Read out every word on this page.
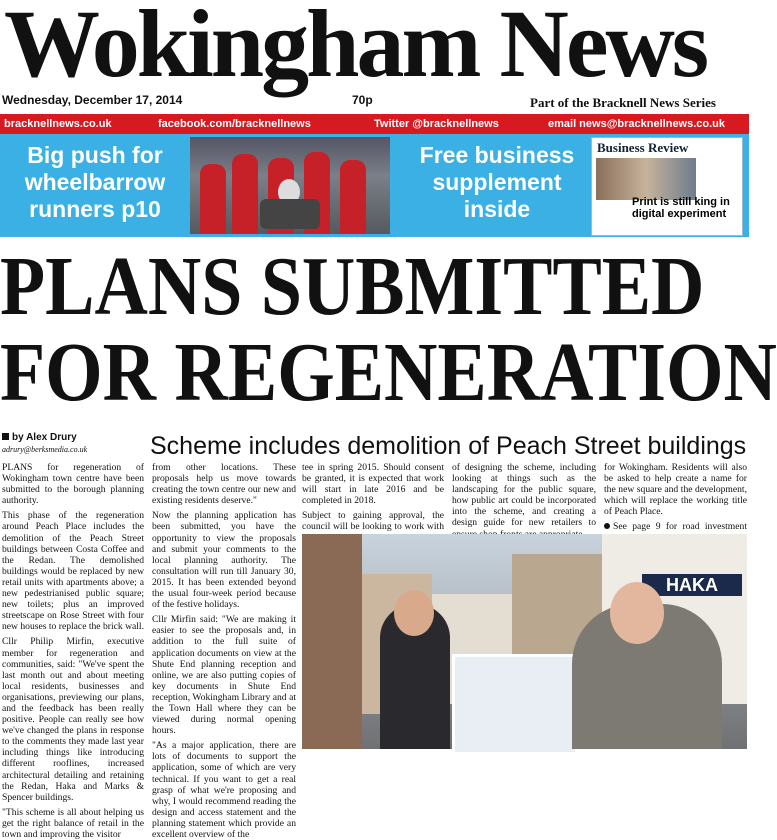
Wokingham News
Wednesday, December 17, 2014	70p	Part of the Bracknell News Series
bracknellnews.co.uk	facebook.com/bracknellnews	Twitter @bracknellnews	email news@bracknellnews.co.uk
Big push for wheelbarrow runners p10
Free business supplement inside
Business Review
Print is still king in digital experiment
PLANS SUBMITTED
FOR REGENERATION
by Alex Drury
adrury@berksmedia.co.uk	Scheme includes demolition of Peach Street buildings

PLANS for regeneration of Wokingham town centre have been submitted to the borough planning authority.

This phase of the regeneration around Peach Place includes the demolition of the Peach Street buildings between Costa Coffee and the Redan. The demolished buildings would be replaced by new retail units with apartments above; a new pedestrianised public square; new toilets; plus an improved streetscape on Rose Street with four new houses to replace the brick wall.

Cllr Philip Mirfin, executive member for regeneration and communities, said: "We've spent the last month out and about meeting local residents, businesses and organisations, previewing our plans, and the feedback has been really positive. People can really see how we've changed the plans in response to the comments they made last year including things like introducing different rooflines, increased architectural detailing and retaining the Redan, Haka and Marks & Spencer buildings.

"This scheme is all about helping us get the right balance of retail in the town and improving the visitor

from other locations. These proposals help us move towards creating the town centre our new and existing residents deserve."

Now the planning application has been submitted, you have the opportunity to view the proposals and submit your comments to the local planning authority. The consultation will run till January 30, 2015. It has been extended beyond the usual four-week period because of the festive holidays.

Cllr Mirfin said: "We are making it easier to see the proposals and, in addition to the full suite of application documents on view at the Shute End planning reception and online, we are also putting copies of key documents in Shute End reception, Wokingham Library and at the Town Hall where they can be viewed during normal opening hours.

"As a major application, there are lots of documents to support the application, some of which are very technical. If you want to get a real grasp of what we're proposing and why, I would recommend reading the design and access statement and the planning statement which provide an excellent overview of the

tee in spring 2015. Should consent be granted, it is expected that work will start in late 2016 and be completed in 2018.

Subject to gaining approval, the council will be looking to work with

of designing the scheme, including looking at things such as the landscaping for the public square, how public art could be incorporated into the scheme, and creating a design guide for new retailers to

for Wokingham. Residents will also be asked to help create a name for the new square and the development, which will replace the working title of Peach Place.

See page 9 for road investment

HAKA
